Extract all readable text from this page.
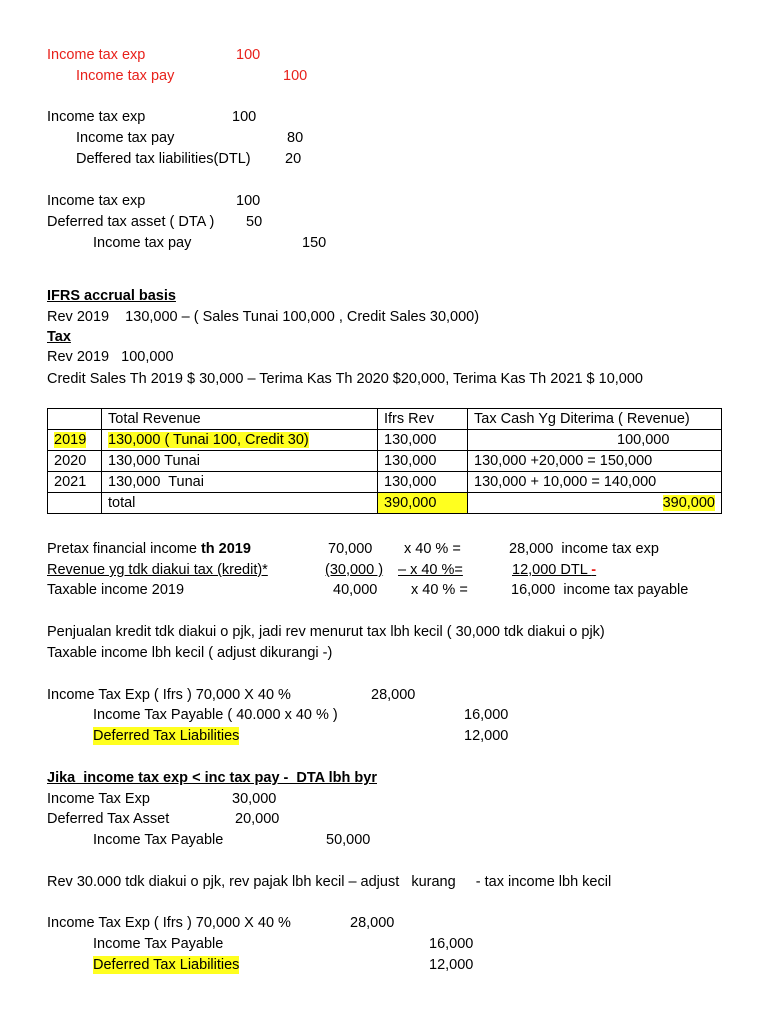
Income tax exp	100
Income tax pay	100
Income tax exp	100
Income tax pay	80
Deffered tax liabilities(DTL) 20
Income tax exp	100
Deferred tax asset ( DTA ) 50
Income tax pay	150
IFRS accrual basis
Rev 2019    130,000 – ( Sales Tunai 100,000 , Credit Sales 30,000)
Tax
Rev 2019   100,000
Credit Sales Th 2019 $ 30,000 – Terima Kas Th 2020 $20,000, Terima Kas Th 2021 $ 10,000
	Total Revenue	Ifrs Rev	Tax Cash Yg Diterima ( Revenue)
2019	130,000 ( Tunai 100, Credit 30)	130,000	100,000
2020	130,000 Tunai	130,000	130,000 +20,000 = 150,000
2021	130,000  Tunai	130,000	130,000 + 10,000 = 140,000
	total	390,000	390,000
Pretax financial income th 2019	70,000 x 40 % =	28,000  income tax exp
Revenue yg tdk diakui tax (kredit)*	(30,000 ) – x 40 %=	12,000 DTL -
Taxable income 2019	40,000 x 40 % =	16,000  income tax payable
Penjualan kredit tdk diakui o pjk, jadi rev menurut tax lbh kecil ( 30,000 tdk diakui o pjk)
Taxable income lbh kecil ( adjust dikurangi -)
Income Tax Exp ( Ifrs ) 70,000 X 40 %	28,000
Income Tax Payable ( 40.000 x 40 % )	16,000
Deferred Tax Liabilities	12,000
Jika  income tax exp < inc tax pay -  DTA lbh byr
Income Tax Exp	30,000
Deferred Tax Asset	20,000
Income Tax Payable	50,000
Rev 30.000 tdk diakui o pjk, rev pajak lbh kecil – adjust   kurang     - tax income lbh kecil
Income Tax Exp ( Ifrs ) 70,000 X 40 %	28,000
Income Tax Payable	16,000
Deferred Tax Liabilities	12,000
